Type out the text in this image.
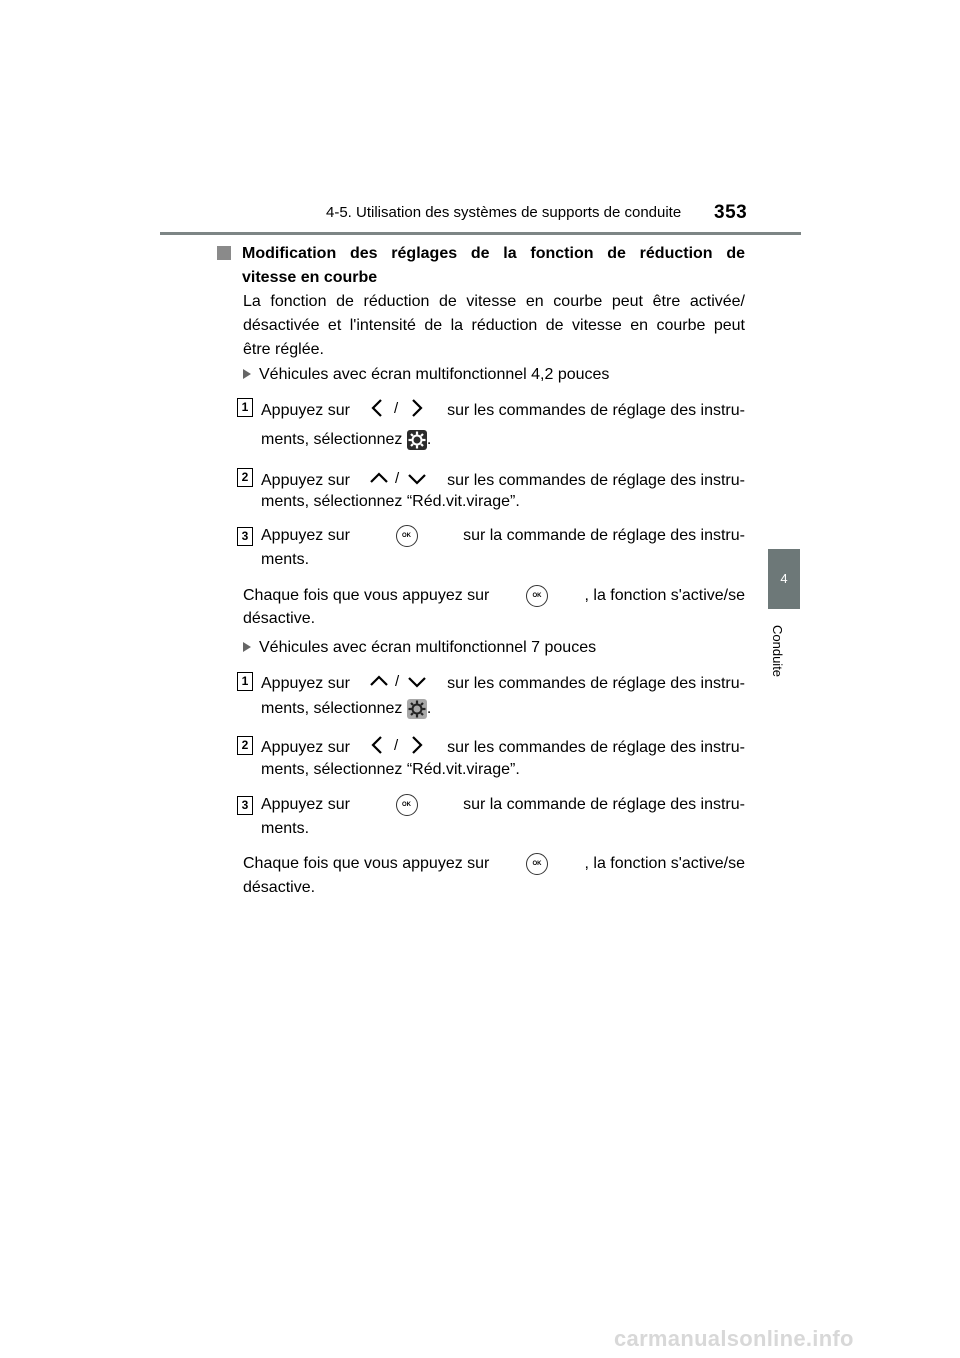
4-5. Utilisation des systèmes de supports de conduite 353
4
Conduite
Modification des réglages de la fonction de réduction de
vitesse en courbe
La fonction de réduction de vitesse en courbe peut être activée/
désactivée et l'intensité de la réduction de vitesse en courbe peut
être réglée.
Véhicules avec écran multifonctionnel 4,2 pouces
1 Appuyez sur	/	sur les commandes de réglage des instru-
ments, sélectionnez .
2 Appuyez sur	/	sur les commandes de réglage des instru-
ments, sélectionnez “Réd.vit.virage”.
3 Appuyez sur	OK	sur la commande de réglage des instru-
ments.
Chaque fois que vous appuyez sur	OK	, la fonction s'active/se
désactive.
Véhicules avec écran multifonctionnel 7 pouces
1 Appuyez sur	/	sur les commandes de réglage des instru-
ments, sélectionnez .
2 Appuyez sur	/	sur les commandes de réglage des instru-
ments, sélectionnez “Réd.vit.virage”.
3 Appuyez sur	OK	sur la commande de réglage des instru-
ments.
Chaque fois que vous appuyez sur	OK	, la fonction s'active/se
désactive.
carmanualsonline.info
